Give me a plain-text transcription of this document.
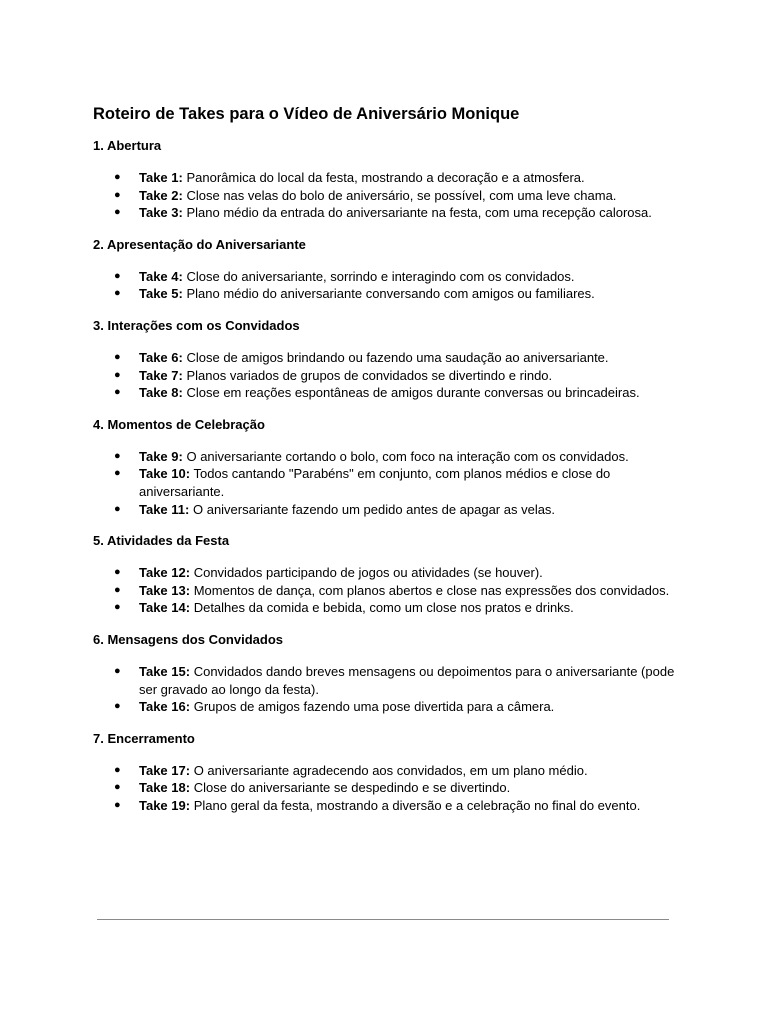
Roteiro de Takes para o Vídeo de Aniversário Monique
1. Abertura
● Take 1: Panorâmica do local da festa, mostrando a decoração e a atmosfera.
● Take 2: Close nas velas do bolo de aniversário, se possível, com uma leve chama.
● Take 3: Plano médio da entrada do aniversariante na festa, com uma recepção calorosa.
2. Apresentação do Aniversariante
● Take 4: Close do aniversariante, sorrindo e interagindo com os convidados.
● Take 5: Plano médio do aniversariante conversando com amigos ou familiares.
3. Interações com os Convidados
● Take 6: Close de amigos brindando ou fazendo uma saudação ao aniversariante.
● Take 7: Planos variados de grupos de convidados se divertindo e rindo.
● Take 8: Close em reações espontâneas de amigos durante conversas ou brincadeiras.
4. Momentos de Celebração
● Take 9: O aniversariante cortando o bolo, com foco na interação com os convidados.
● Take 10: Todos cantando "Parabéns" em conjunto, com planos médios e close do aniversariante.
● Take 11: O aniversariante fazendo um pedido antes de apagar as velas.
5. Atividades da Festa
● Take 12: Convidados participando de jogos ou atividades (se houver).
● Take 13: Momentos de dança, com planos abertos e close nas expressões dos convidados.
● Take 14: Detalhes da comida e bebida, como um close nos pratos e drinks.
6. Mensagens dos Convidados
● Take 15: Convidados dando breves mensagens ou depoimentos para o aniversariante (pode ser gravado ao longo da festa).
● Take 16: Grupos de amigos fazendo uma pose divertida para a câmera.
7. Encerramento
● Take 17: O aniversariante agradecendo aos convidados, em um plano médio.
● Take 18: Close do aniversariante se despedindo e se divertindo.
● Take 19: Plano geral da festa, mostrando a diversão e a celebração no final do evento.
